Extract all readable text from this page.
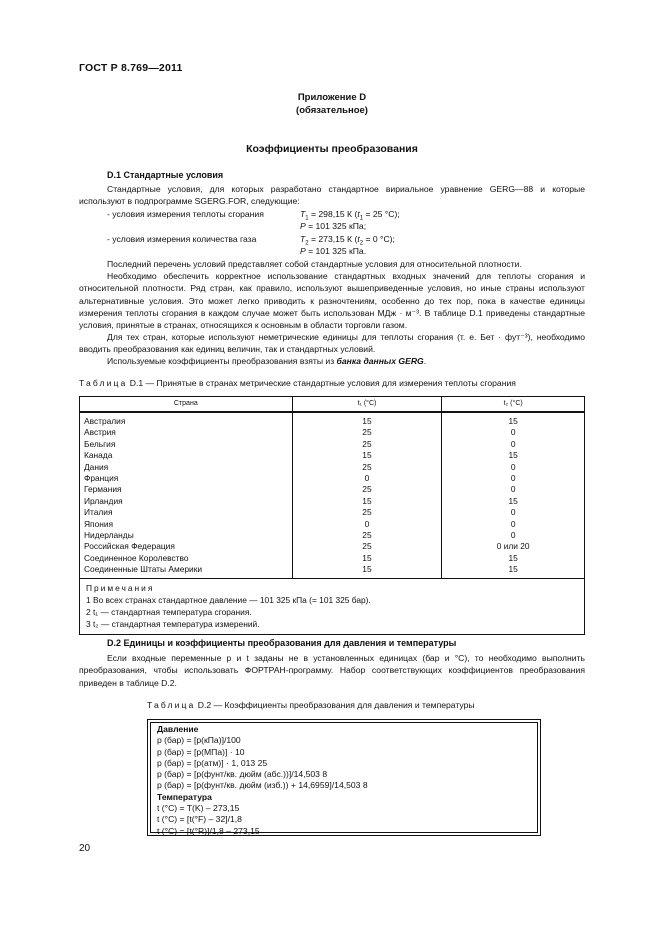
ГОСТ Р 8.769—2011
Приложение D
(обязательное)
Коэффициенты преобразования
D.1 Стандартные условия
Стандартные условия, для которых разработано стандартное вириальное уравнение GERG—88 и которые используют в подпрограмме SGERG.FOR, следующие:
- условия измерения теплоты сгорания	$T_1 = 298,15$ К ($t_1 = 25$ °С);
P = 101 325 кПа;
- условия измерения количества газа	$T_2 = 273,15$ К ($t_2 = 0$ °С);
P = 101 325 кПа.
Последний перечень условий представляет собой стандартные условия для относительной плотности.
Необходимо обеспечить корректное использование стандартных входных значений для теплоты сгорания и относительной плотности. Ряд стран, как правило, используют вышеприведенные условия, но иные страны используют альтернативные условия. Это может легко приводить к разночтениям, особенно до тех пор, пока в качестве единицы измерения теплоты сгорания в каждом случае может быть использован МДж · м⁻³. В таблице D.1 приведены стандартные условия, принятые в странах, относящихся к основным в области торговли газом.
Для тех стран, которые используют неметрические единицы для теплоты сгорания (т. е. Бет · фут⁻³), необходимо вводить преобразования как единиц величин, так и стандартных условий.
Используемые коэффициенты преобразования взяты из банка данных GERG.
Таблица D.1 — Принятые в странах метрические стандартные условия для измерения теплоты сгорания
Страна	t₁ (°С)	t₂ (°С)
Австралия	15	15
Австрия	25	0
Бельгия	25	0
Канада	15	15
Дания	25	0
Франция	0	0
Германия	25	0
Ирландия	15	15
Италия	25	0
Япония	0	0
Нидерланды	25	0
Российская Федерация	25	0 или 20
Соединенное Королевство	15	15
Соединенные Штаты Америки	15	15

Примечания
1 Во всех странах стандартное давление — 101 325 кПа (= 101 325 бар).
2 t₁ — стандартная температура сгорания.
3 t₂ — стандартная температура измерений.		
D.2 Единицы и коэффициенты преобразования для давления и температуры
Если входные переменные p и t заданы не в установленных единицах (бар и °С), то необходимо выполнить преобразования, чтобы использовать ФОРТРАН-программу. Набор соответствующих коэффициентов преобразования приведен в таблице D.2.
Таблица D.2 — Коэффициенты преобразования для давления и температуры
Давление
p (бар) = [p(кПа)]/100
p (бар) = [p(МПа)] · 10
p (бар) = [p(атм)] · 1, 013 25
p (бар) = [p(фунт/кв. дюйм (абс.))]/14,503 8
p (бар) = [p(фунт/кв. дюйм (изб.)) + 14,6959]/14,503 8
Температура
t (°С) = T(K) – 273,15
t (°С) = [t(°F) – 32]/1,8
t (°С) = [t(°R)]/1,8 – 273,15
20
